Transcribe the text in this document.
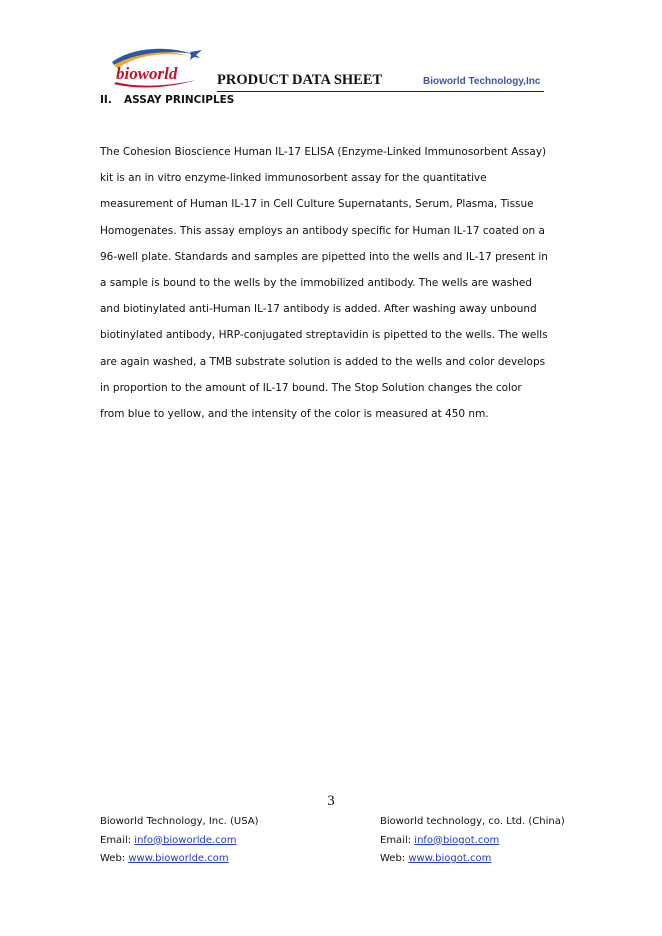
bioworld	PRODUCT DATA SHEET	Bioworld Technology,Inc
II. ASSAY PRINCIPLES

The Cohesion Bioscience Human IL-17 ELISA (Enzyme-Linked Immunosorbent Assay)
kit is an in vitro enzyme-linked immunosorbent assay for the quantitative
measurement of Human IL-17 in Cell Culture Supernatants, Serum, Plasma, Tissue
Homogenates. This assay employs an antibody specific for Human IL-17 coated on a
96-well plate. Standards and samples are pipetted into the wells and IL-17 present in
a sample is bound to the wells by the immobilized antibody. The wells are washed
and biotinylated anti-Human IL-17 antibody is added. After washing away unbound
biotinylated antibody, HRP-conjugated streptavidin is pipetted to the wells. The wells
are again washed, a TMB substrate solution is added to the wells and color develops
in proportion to the amount of IL-17 bound. The Stop Solution changes the color
from blue to yellow, and the intensity of the color is measured at 450 nm.

3
Bioworld Technology, Inc. (USA)
Email: info@bioworlde.com
Web: www.bioworlde.com
Bioworld technology, co. Ltd. (China)
Email: info@biogot.com
Web: www.biogot.com
